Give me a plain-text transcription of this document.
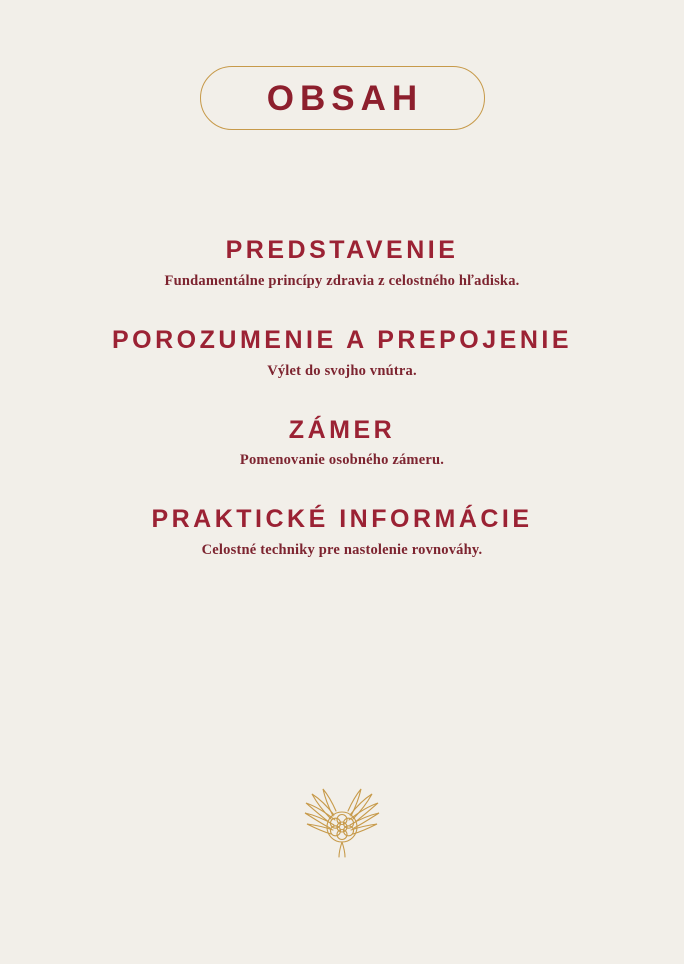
OBSAH

PREDSTAVENIE

Fundamentálne princípy zdravia z celostného hľadiska.

POROZUMENIE A PREPOJENIE

Výlet do svojho vnútra.

ZÁMER

Pomenovanie osobného zámeru.

PRAKTICKÉ INFORMÁCIE

Celostné techniky pre nastolenie rovnováhy.
